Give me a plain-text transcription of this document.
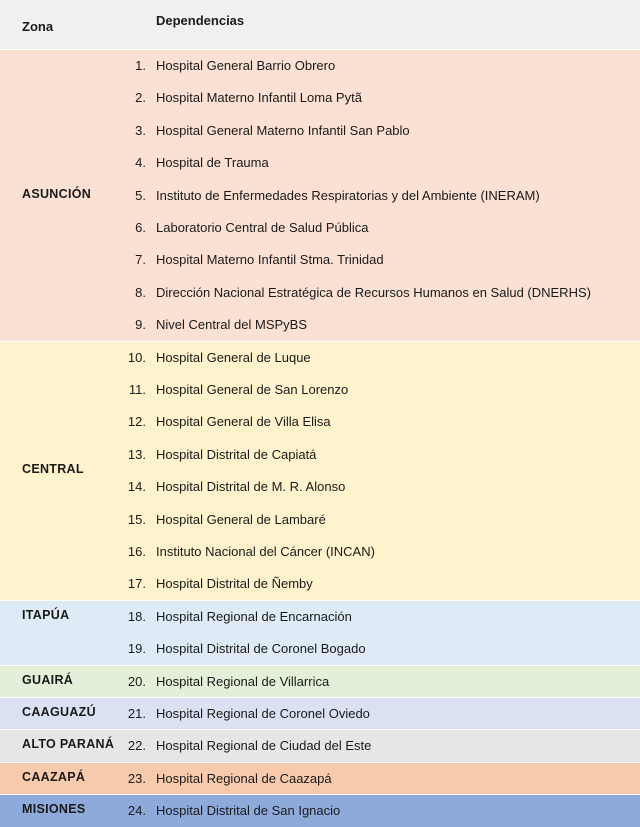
Zona	Dependencias
ASUNCIÓN
1. Hospital General Barrio Obrero
2. Hospital Materno Infantil Loma Pytã
3. Hospital General Materno Infantil San Pablo
4. Hospital de Trauma
5. Instituto de Enfermedades Respiratorias y del Ambiente (INERAM)
6. Laboratorio Central de Salud Pública
7. Hospital Materno Infantil Stma. Trinidad
8. Dirección Nacional Estratégica de Recursos Humanos en Salud (DNERHS)
9. Nivel Central del MSPyBS
CENTRAL
10. Hospital General de Luque
11. Hospital General de San Lorenzo
12. Hospital General de Villa Elisa
13. Hospital Distrital de Capiatá
14. Hospital Distrital de M. R. Alonso
15. Hospital General de Lambaré
16. Instituto Nacional del Cáncer (INCAN)
17. Hospital Distrital de Ñemby
ITAPÚA	18. Hospital Regional de Encarnación
19. Hospital Distrital de Coronel Bogado
GUAIRÁ	20. Hospital Regional de Villarrica
CAAGUAZÚ	21. Hospital Regional de Coronel Oviedo
ALTO PARANÁ	22. Hospital Regional de Ciudad del Este
CAAZAPÁ	23. Hospital Regional de Caazapá
MISIONES	24. Hospital Distrital de San Ignacio
